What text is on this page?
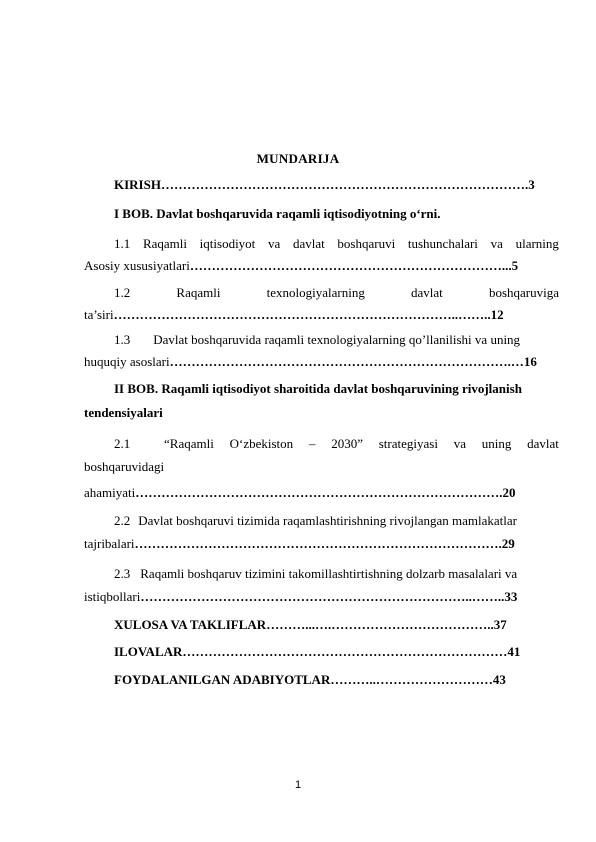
MUNDARIJA
KIRISH………………………………………………………………………….3
I BOB. Davlat boshqaruvida raqamli iqtisodiyotning o‘rni.
1.1 Raqamli iqtisodiyot va davlat boshqaruvi tushunchalari va ularning
Asosiy xususiyatlari………………………………………………………………...5
1.2	Raqamli	texnologiyalarning	davlat	boshqaruviga
ta’siri……………………………………………………………………..……..12
1.3 Davlat boshqaruvida raqamli texnologiyalarning qo’llanilishi va uning
huquqiy asoslari…………………………………………………………………….…16
II BOB. Raqamli iqtisodiyot sharoitida davlat boshqaruvining rivojlanish
tendensiyalari
2.1	“Raqamli O‘zbekiston – 2030” strategiyasi va uning davlat
boshqaruvidagi
ahamiyati………………………………………………………………………….20
2.2 Davlat boshqaruvi tizimida raqamlashtirishning rivojlangan mamlakatlar
tajribalari………………………………………………………………………….29
2.3 Raqamli boshqaruv tizimini takomillashtirtishning dolzarb masalalari va
istiqbollari…………………………………………………………………..……..33
XULOSA VA TAKLIFLAR………...….………………………………..37
ILOVALAR…………………………………………………………………41
FOYDALANILGAN ADABIYOTLAR………..………………………43
1
